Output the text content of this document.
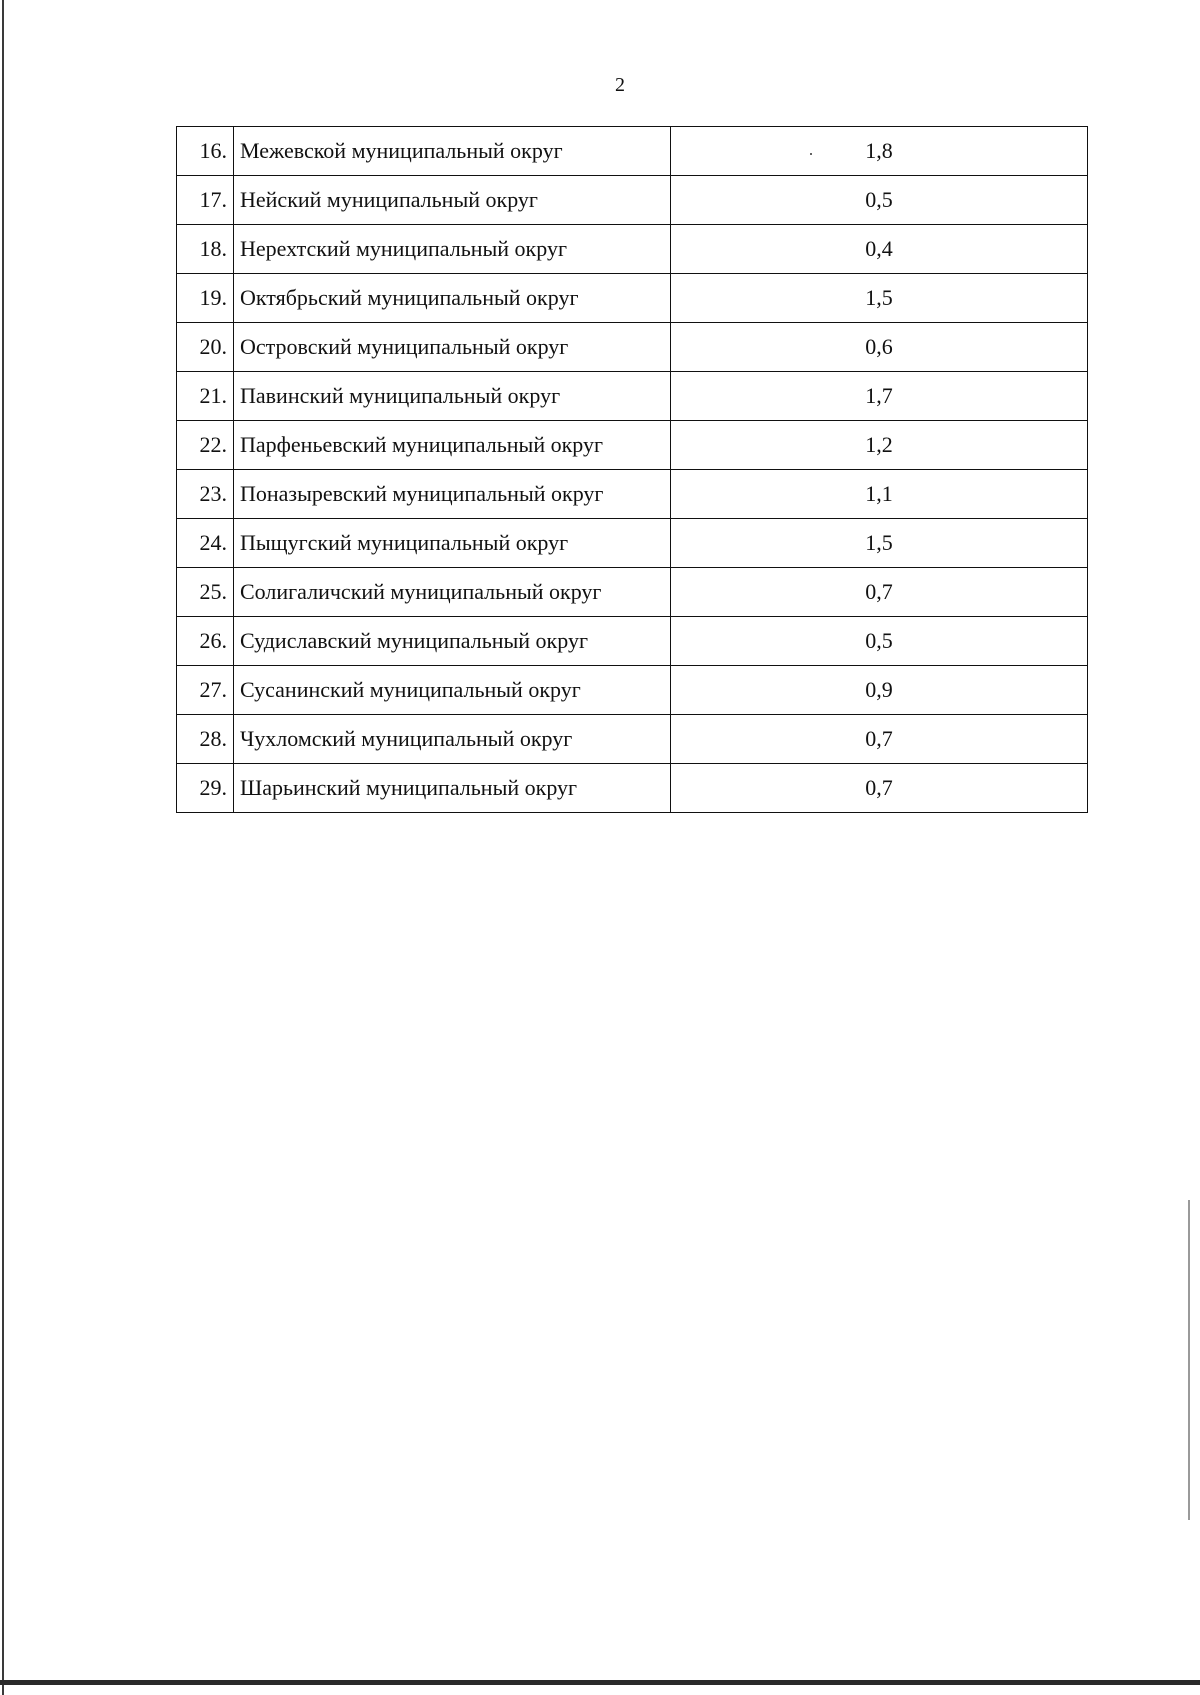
2
16.	Межевской муниципальный округ	1,8
17.	Нейский муниципальный округ	0,5
18.	Нерехтский муниципальный округ	0,4
19.	Октябрьский муниципальный округ	1,5
20.	Островский муниципальный округ	0,6
21.	Павинский муниципальный округ	1,7
22.	Парфеньевский муниципальный округ	1,2
23.	Поназыревский муниципальный округ	1,1
24.	Пыщугский муниципальный округ	1,5
25.	Солигаличский муниципальный округ	0,7
26.	Судиславский муниципальный округ	0,5
27.	Сусанинский муниципальный округ	0,9
28.	Чухломский муниципальный округ	0,7
29.	Шарьинский муниципальный округ	0,7
